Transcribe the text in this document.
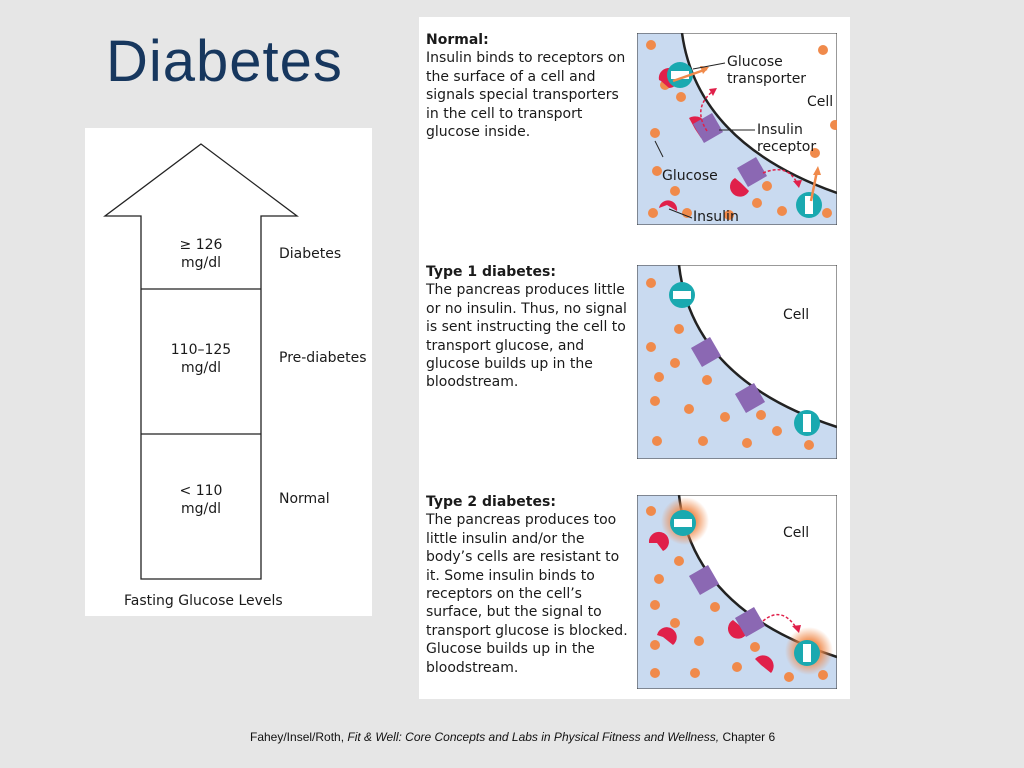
Diabetes
≥ 126
mg/dl
Diabetes
110–125
mg/dl
Pre-diabetes
< 110
mg/dl
Normal
Fasting Glucose Levels
Normal:
Insulin binds to receptors on the surface of a cell and signals special transporters in the cell to transport glucose inside.
Glucose
transporter
Cell
Insulin
receptor
Glucose
Insulin
Type 1 diabetes:
The pancreas produces little or no insulin. Thus, no signal is sent instructing the cell to transport glucose, and glucose builds up in the bloodstream.
Cell
Type 2 diabetes:
The pancreas produces too little insulin and/or the body’s cells are resistant to it. Some insulin binds to receptors on the cell’s surface, but the signal to transport glucose is blocked. Glucose builds up in the bloodstream.
Cell
Fahey/Insel/Roth, Fit & Well: Core Concepts and Labs in Physical Fitness and Wellness, Chapter 6
